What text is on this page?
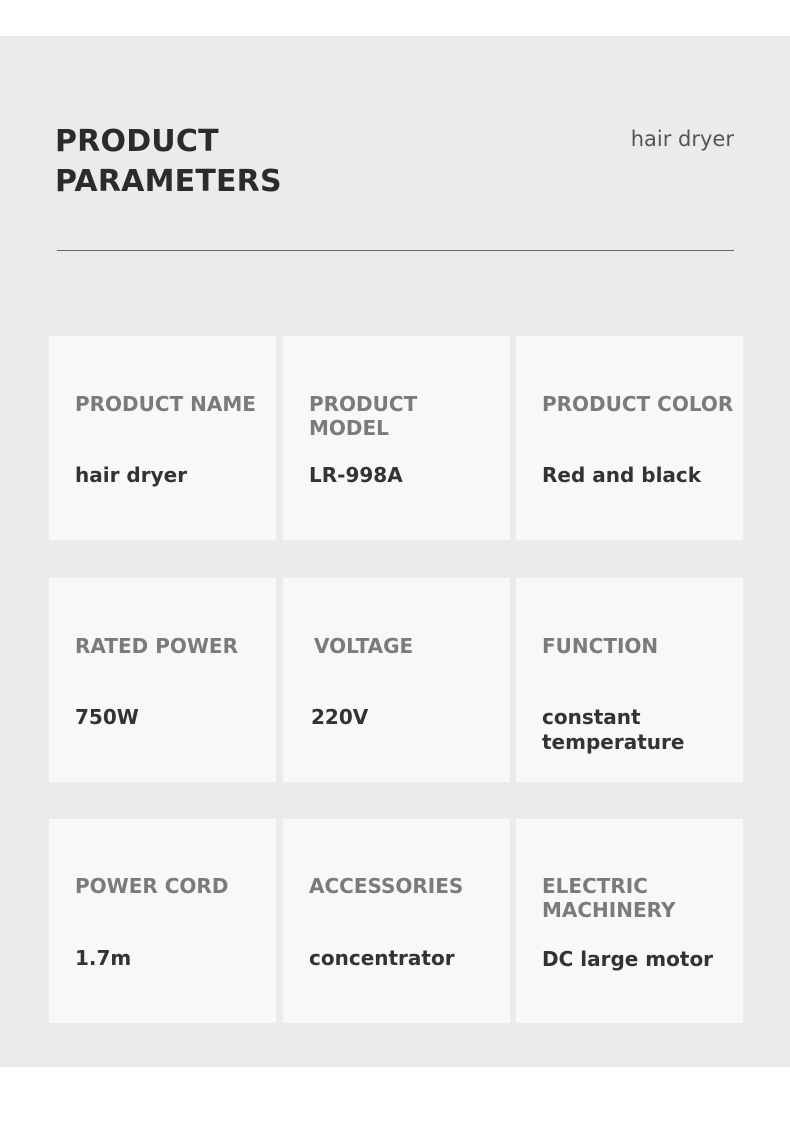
PRODUCT
PARAMETERS
hair dryer
PRODUCT NAME
hair dryer
PRODUCT MODEL
LR-998A
PRODUCT COLOR
Red and black
RATED POWER
750W
VOLTAGE
220V
FUNCTION
constant temperature
POWER CORD
1.7m
ACCESSORIES
concentrator
ELECTRIC MACHINERY
DC large motor
